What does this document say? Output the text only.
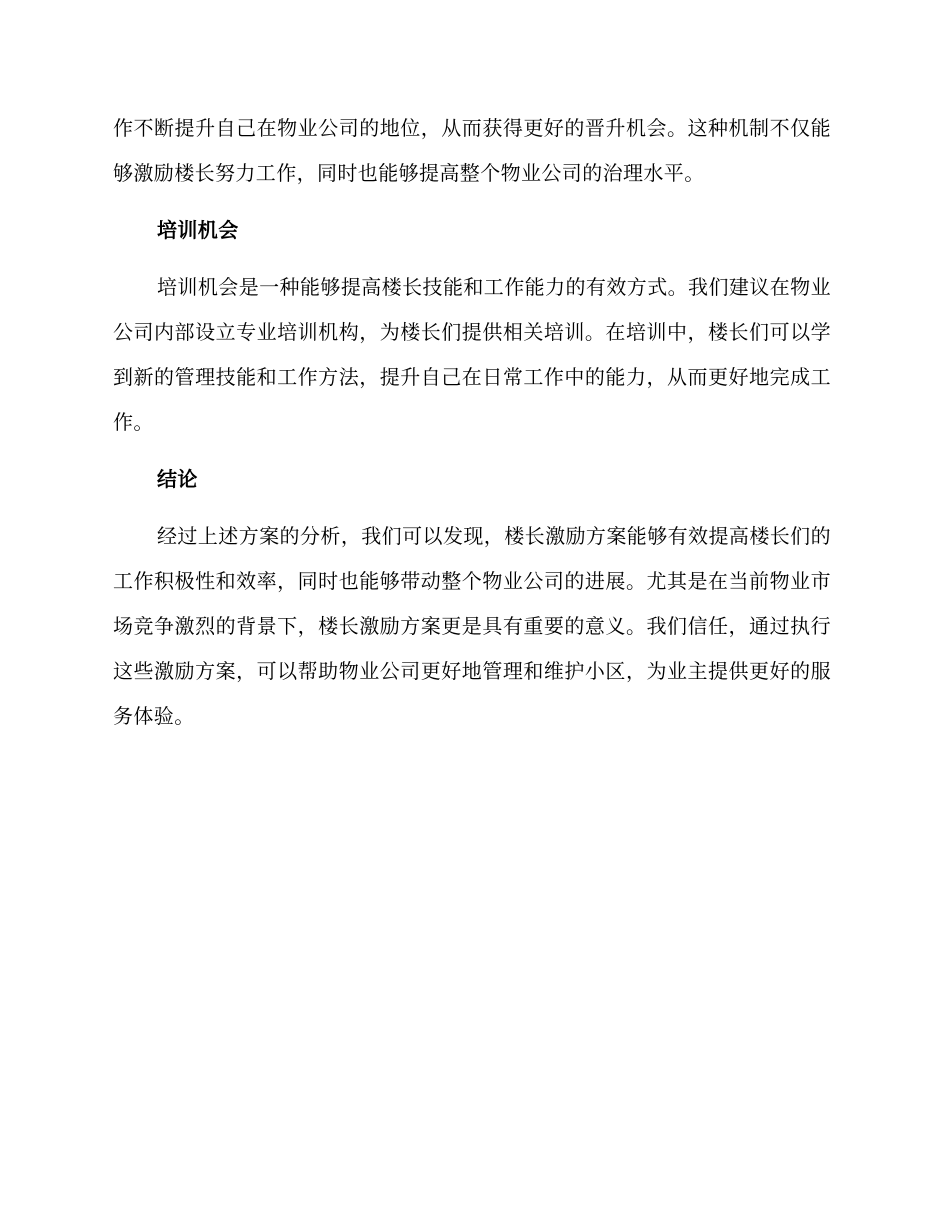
作不断提升自己在物业公司的地位，从而获得更好的晋升机会。这种机制不仅能够激励楼长努力工作，同时也能够提高整个物业公司的治理水平。

培训机会

培训机会是一种能够提高楼长技能和工作能力的有效方式。我们建议在物业公司内部设立专业培训机构，为楼长们提供相关培训。在培训中，楼长们可以学到新的管理技能和工作方法，提升自己在日常工作中的能力，从而更好地完成工作。

结论

经过上述方案的分析，我们可以发现，楼长激励方案能够有效提高楼长们的工作积极性和效率，同时也能够带动整个物业公司的进展。尤其是在当前物业市场竞争激烈的背景下，楼长激励方案更是具有重要的意义。我们信任，通过执行这些激励方案，可以帮助物业公司更好地管理和维护小区，为业主提供更好的服务体验。
